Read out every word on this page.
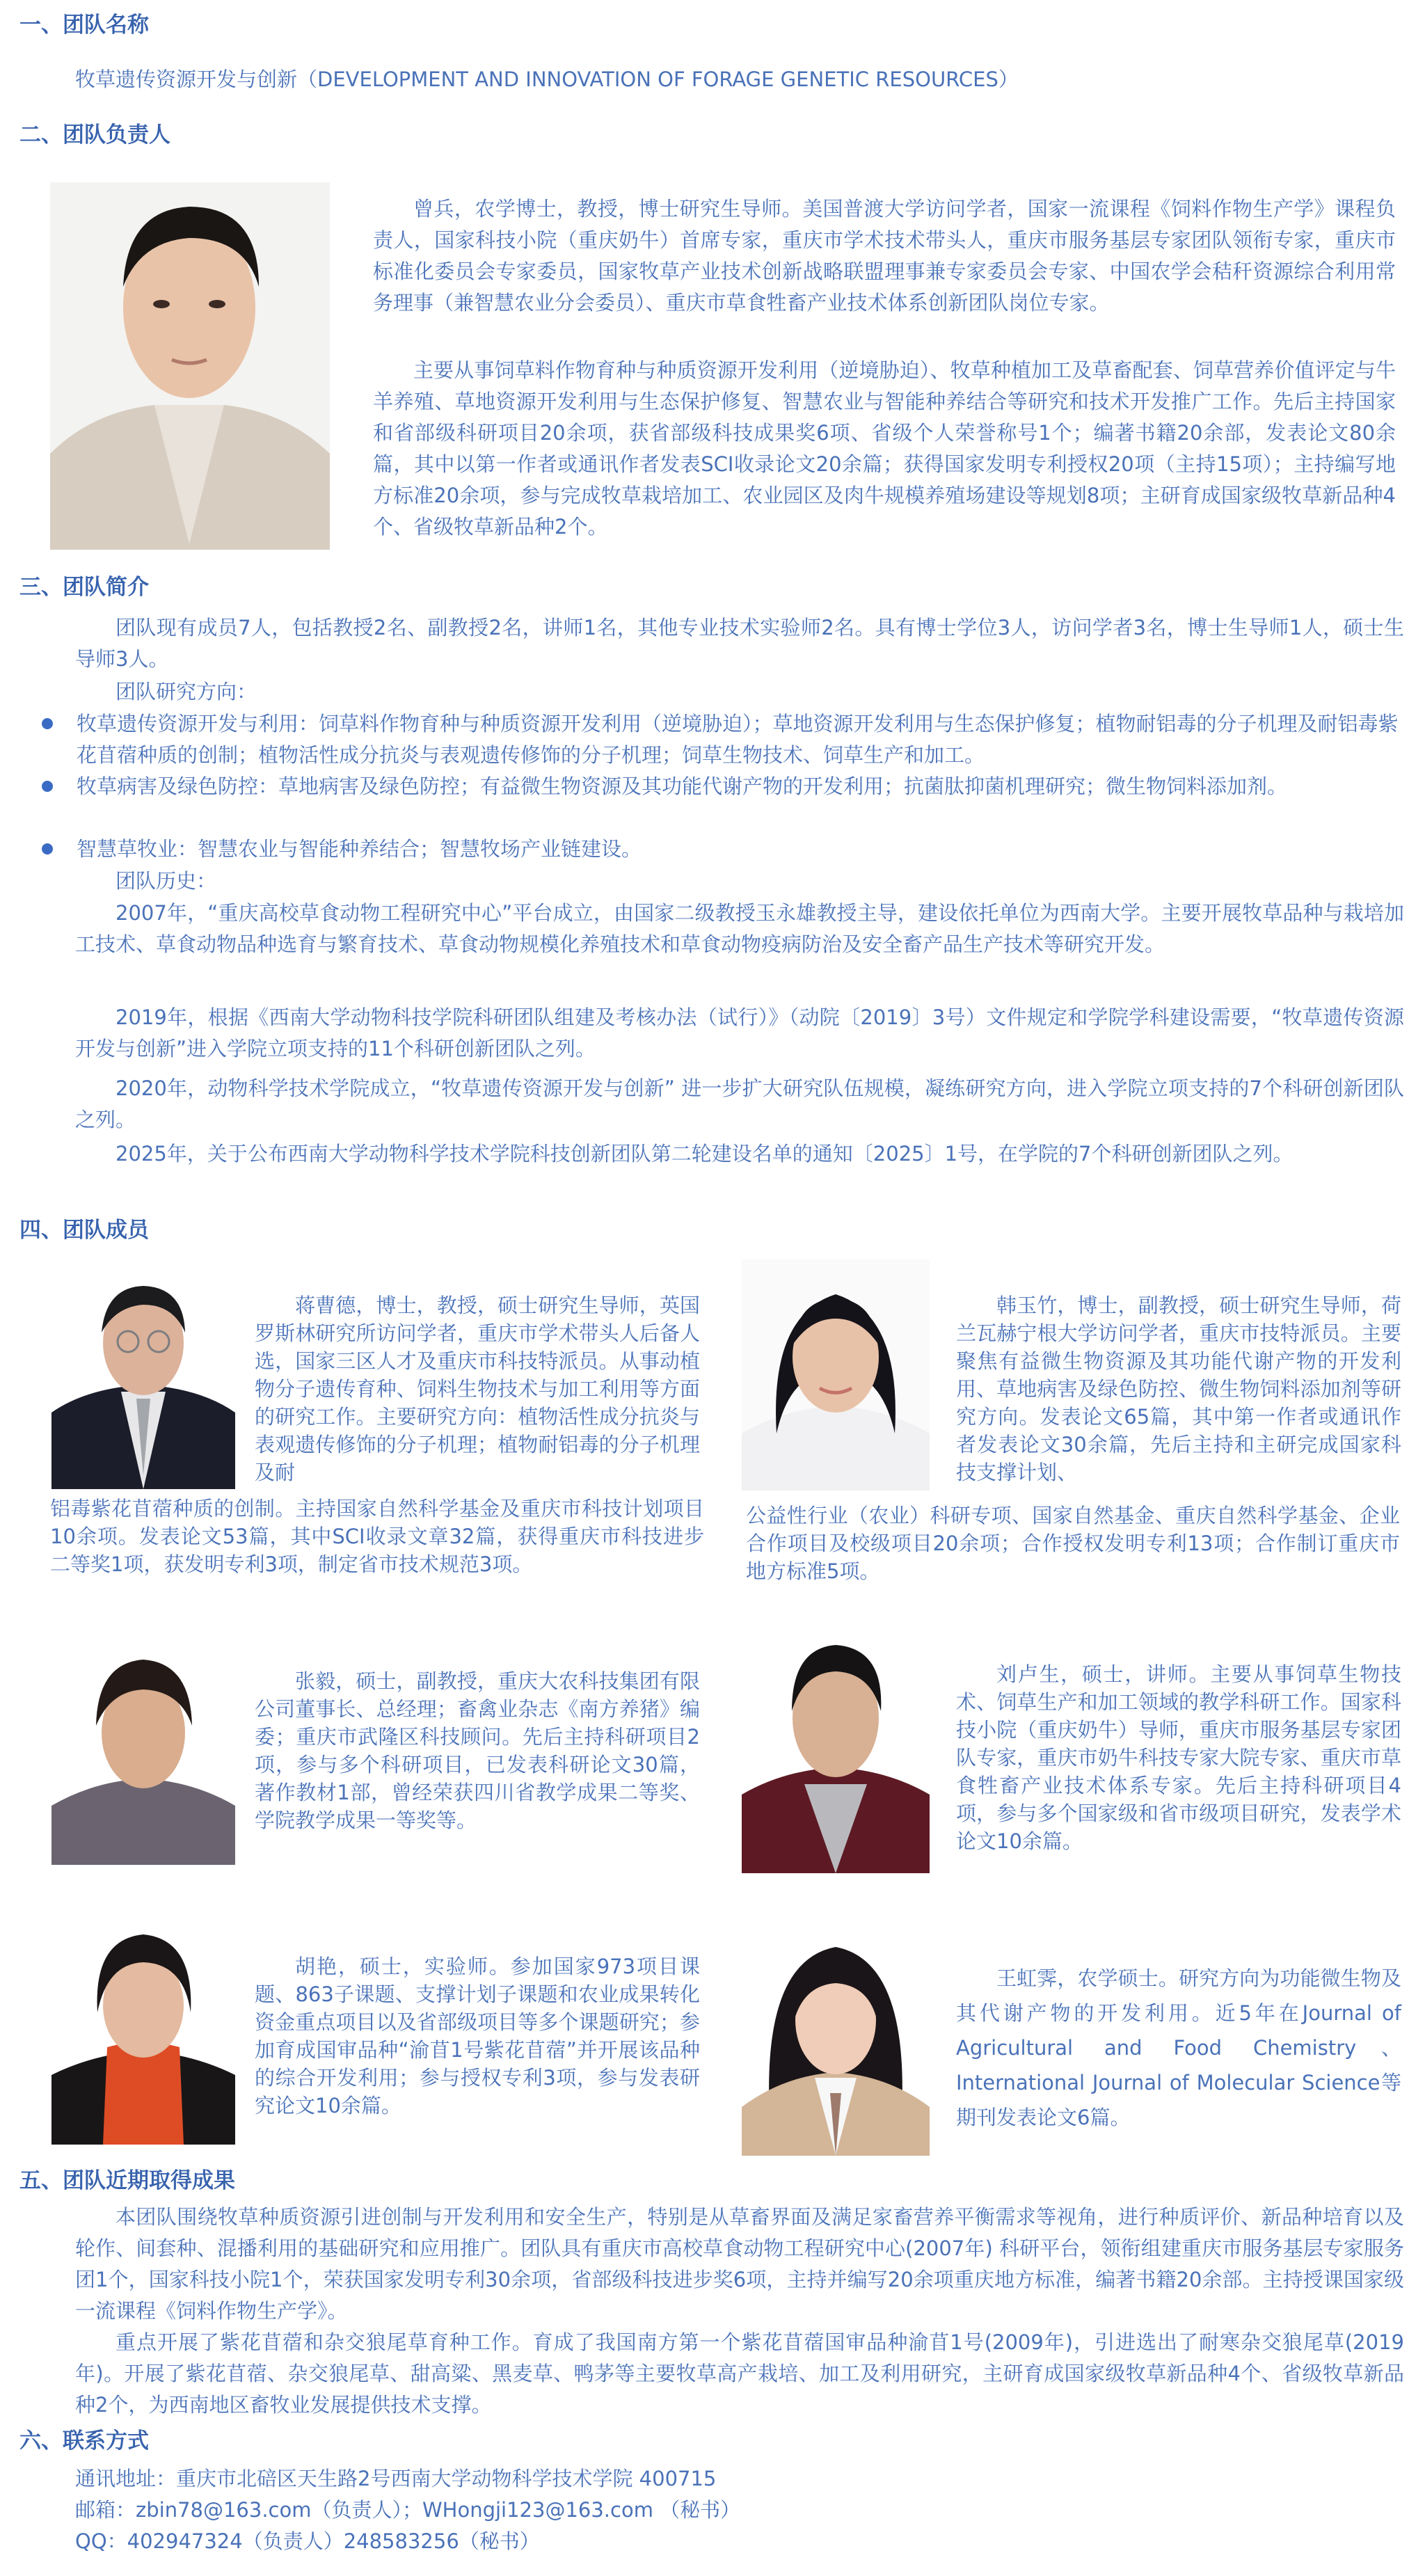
一、团队名称

牧草遗传资源开发与创新（DEVELOPMENT AND INNOVATION OF FORAGE GENETIC RESOURCES）

二、团队负责人
曾兵，农学博士，教授，博士研究生导师。美国普渡大学访问学者，国家一流课程《饲料作物生产学》课程负责人，国家科技小院（重庆奶牛）首席专家，重庆市学术技术带头人，重庆市服务基层专家团队领衔专家，重庆市标准化委员会专家委员，国家牧草产业技术创新战略联盟理事兼专家委员会专家、中国农学会秸秆资源综合利用常务理事（兼智慧农业分会委员）、重庆市草食牲畜产业技术体系创新团队岗位专家。
主要从事饲草料作物育种与种质资源开发利用（逆境胁迫）、牧草种植加工及草畜配套、饲草营养价值评定与牛羊养殖、草地资源开发利用与生态保护修复、智慧农业与智能种养结合等研究和技术开发推广工作。先后主持国家和省部级科研项目20余项，获省部级科技成果奖6项、省级个人荣誉称号1个；编著书籍20余部，发表论文80余篇，其中以第一作者或通讯作者发表SCI收录论文20余篇；获得国家发明专利授权20项（主持15项）；主持编写地方标准20余项，参与完成牧草栽培加工、农业园区及肉牛规模养殖场建设等规划8项；主研育成国家级牧草新品种4个、省级牧草新品种2个。
三、团队简介
团队现有成员7人，包括教授2名、副教授2名，讲师1名，其他专业技术实验师2名。具有博士学位3人，访问学者3名，博士生导师1人，硕士生导师3人。
团队研究方向：
牧草遗传资源开发与利用：饲草料作物育种与种质资源开发利用（逆境胁迫）；草地资源开发利用与生态保护修复；植物耐铝毒的分子机理及耐铝毒紫花苜蓿种质的创制；植物活性成分抗炎与表观遗传修饰的分子机理；饲草生物技术、饲草生产和加工。
牧草病害及绿色防控：草地病害及绿色防控；有益微生物资源及其功能代谢产物的开发利用；抗菌肽抑菌机理研究；微生物饲料添加剂。
智慧草牧业：智慧农业与智能种养结合；智慧牧场产业链建设。
团队历史：
2007年，“重庆高校草食动物工程研究中心”平台成立，由国家二级教授玉永雄教授主导，建设依托单位为西南大学。主要开展牧草品种与栽培加工技术、草食动物品种选育与繁育技术、草食动物规模化养殖技术和草食动物疫病防治及安全畜产品生产技术等研究开发。
2019年，根据《西南大学动物科技学院科研团队组建及考核办法（试行）》（动院〔2019〕3号）文件规定和学院学科建设需要，“牧草遗传资源开发与创新”进入学院立项支持的11个科研创新团队之列。
2020年，动物科学技术学院成立，“牧草遗传资源开发与创新” 进一步扩大研究队伍规模，凝练研究方向，进入学院立项支持的7个科研创新团队之列。
2025年，关于公布西南大学动物科学技术学院科技创新团队第二轮建设名单的通知〔2025〕1号，在学院的7个科研创新团队之列。
四、团队成员
蒋曹德，博士，教授，硕士研究生导师，英国罗斯林研究所访问学者，重庆市学术带头人后备人选，国家三区人才及重庆市科技特派员。从事动植物分子遗传育种、饲料生物技术与加工利用等方面的研究工作。主要研究方向：植物活性成分抗炎与表观遗传修饰的分子机理；植物耐铝毒的分子机理及耐
铝毒紫花苜蓿种质的创制。主持国家自然科学基金及重庆市科技计划项目10余项。发表论文53篇，其中SCI收录文章32篇，获得重庆市科技进步二等奖1项，获发明专利3项，制定省市技术规范3项。
韩玉竹，博士，副教授，硕士研究生导师，荷兰瓦赫宁根大学访问学者，重庆市技特派员。主要聚焦有益微生物资源及其功能代谢产物的开发利用、草地病害及绿色防控、微生物饲料添加剂等研究方向。发表论文65篇，其中第一作者或通讯作者发表论文30余篇，先后主持和主研完成国家科技支撑计划、
公益性行业（农业）科研专项、国家自然基金、重庆自然科学基金、企业合作项目及校级项目20余项；合作授权发明专利13项；合作制订重庆市地方标准5项。
张毅，硕士，副教授，重庆大农科技集团有限公司董事长、总经理；畜禽业杂志《南方养猪》编委；重庆市武隆区科技顾问。先后主持科研项目2项，参与多个科研项目，已发表科研论文30篇，著作教材1部，曾经荣获四川省教学成果二等奖、学院教学成果一等奖等。
刘卢生，硕士，讲师。主要从事饲草生物技术、饲草生产和加工领域的教学科研工作。国家科技小院（重庆奶牛）导师，重庆市服务基层专家团队专家，重庆市奶牛科技专家大院专家、重庆市草食牲畜产业技术体系专家。先后主持科研项目4项，参与多个国家级和省市级项目研究，发表学术论文10余篇。
胡艳，硕士，实验师。参加国家973项目课题、863子课题、支撑计划子课题和农业成果转化资金重点项目以及省部级项目等多个课题研究；参加育成国审品种“渝苜1号紫花苜蓿”并开展该品种的综合开发利用；参与授权专利3项，参与发表研究论文10余篇。
王虹霁，农学硕士。研究方向为功能微生物及其代谢产物的开发利用。近5年在Journal of Agricultural and Food Chemistry、International Journal of Molecular Science等期刊发表论文6篇。
五、团队近期取得成果
本团队围绕牧草种质资源引进创制与开发利用和安全生产，特别是从草畜界面及满足家畜营养平衡需求等视角，进行种质评价、新品种培育以及轮作、间套种、混播利用的基础研究和应用推广。团队具有重庆市高校草食动物工程研究中心(2007年) 科研平台，领衔组建重庆市服务基层专家服务团1个，国家科技小院1个，荣获国家发明专利30余项，省部级科技进步奖6项，主持并编写20余项重庆地方标准，编著书籍20余部。主持授课国家级一流课程《饲料作物生产学》。
重点开展了紫花苜蓿和杂交狼尾草育种工作。育成了我国南方第一个紫花苜蓿国审品种渝苜1号(2009年)，引进选出了耐寒杂交狼尾草(2019年)。开展了紫花苜蓿、杂交狼尾草、甜高粱、黑麦草、鸭茅等主要牧草高产栽培、加工及利用研究，主研育成国家级牧草新品种4个、省级牧草新品种2个，为西南地区畜牧业发展提供技术支撑。
六、联系方式
通讯地址：重庆市北碚区天生路2号西南大学动物科学技术学院 400715
邮箱：zbin78@163.com（负责人）；WHongji123@163.com （秘书）
QQ：402947324（负责人）248583256（秘书）
